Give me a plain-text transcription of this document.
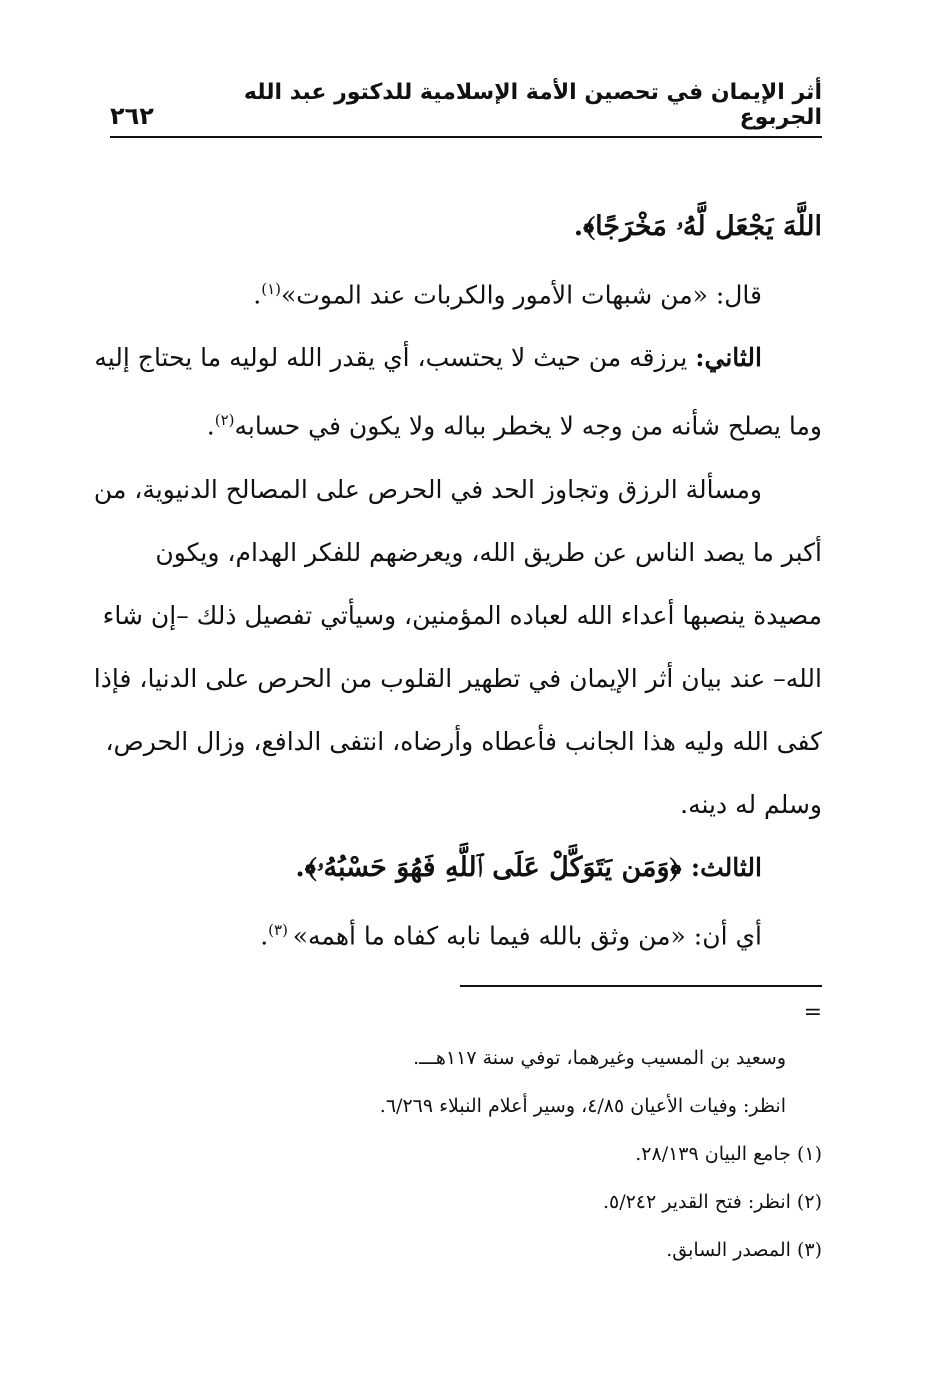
أثر الإيمان في تحصين الأمة الإسلامية للدكتور عبد الله الجربوع
٢٦٢
اللَّهَ يَجْعَل لَّهُۥ مَخْرَجًا﴾.
قال: «من شبهات الأمور والكربات عند الموت»$^{(١)}$.
الثاني: يرزقه من حيث لا يحتسب، أي يقدر الله لوليه ما يحتاج إليه
وما يصلح شأنه من وجه لا يخطر بباله ولا يكون في حسابه$^{(٢)}$.
ومسألة الرزق وتجاوز الحد في الحرص على المصالح الدنيوية، من
أكبر ما يصد الناس عن طريق الله، ويعرضهم للفكر الهدام، ويكون
مصيدة ينصبها أعداء الله لعباده المؤمنين، وسيأتي تفصيل ذلك –إن شاء
الله– عند بيان أثر الإيمان في تطهير القلوب من الحرص على الدنيا، فإذا
كفى الله وليه هذا الجانب فأعطاه وأرضاه، انتفى الدافع، وزال الحرص،
وسلم له دينه.
الثالث: ﴿وَمَن يَتَوَكَّلْ عَلَى ٱللَّهِ فَهُوَ حَسْبُهُۥ﴾.
أي أن: «من وثق بالله فيما نابه كفاه ما أهمه» $^{(٣)}$.
=
وسعيد بن المسيب وغيرهما، توفي سنة ١١٧هـــ.
انظر: وفيات الأعيان ٤/٨٥، وسير أعلام النبلاء ٦/٢٦٩.
(١) جامع البيان ٢٨/١٣٩.
(٢) انظر: فتح القدير ٥/٢٤٢.
(٣) المصدر السابق.
